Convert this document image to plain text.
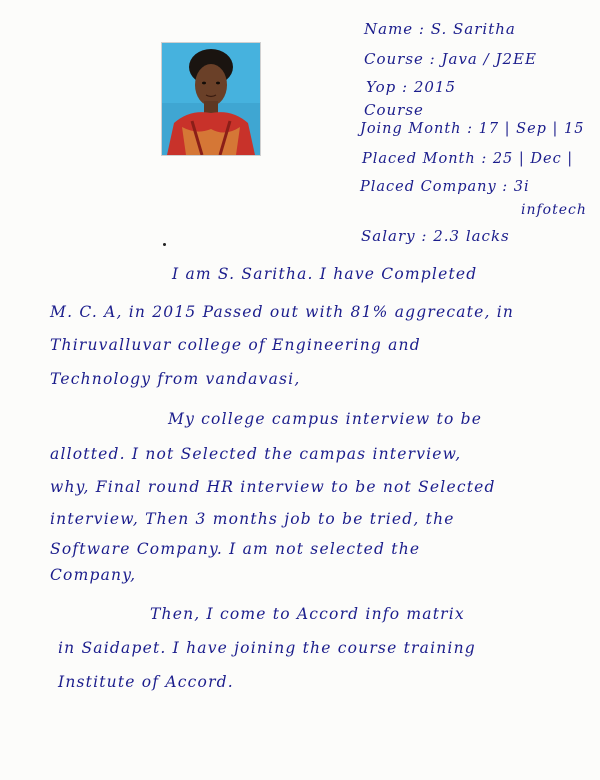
Name : S. Saritha
Course : Java / J2EE
Yop : 2015
Course
Joing Month : 17 | Sep | 15
Placed Month : 25 | Dec |
Placed Company : 3i
infotech
Salary : 2.3 lacks
I am S. Saritha. I have Completed
M. C. A, in 2015 Passed out with 81% aggrecate, in
Thiruvalluvar college of Engineering and
Technology from vandavasi,
My college campus interview to be
allotted. I not Selected the campas interview,
why, Final round HR interview to be not Selected
interview, Then 3 months job to be tried, the
Software Company. I am not selected the
Company,
Then, I come to Accord info matrix
in Saidapet. I have joining the course training
Institute of Accord.
